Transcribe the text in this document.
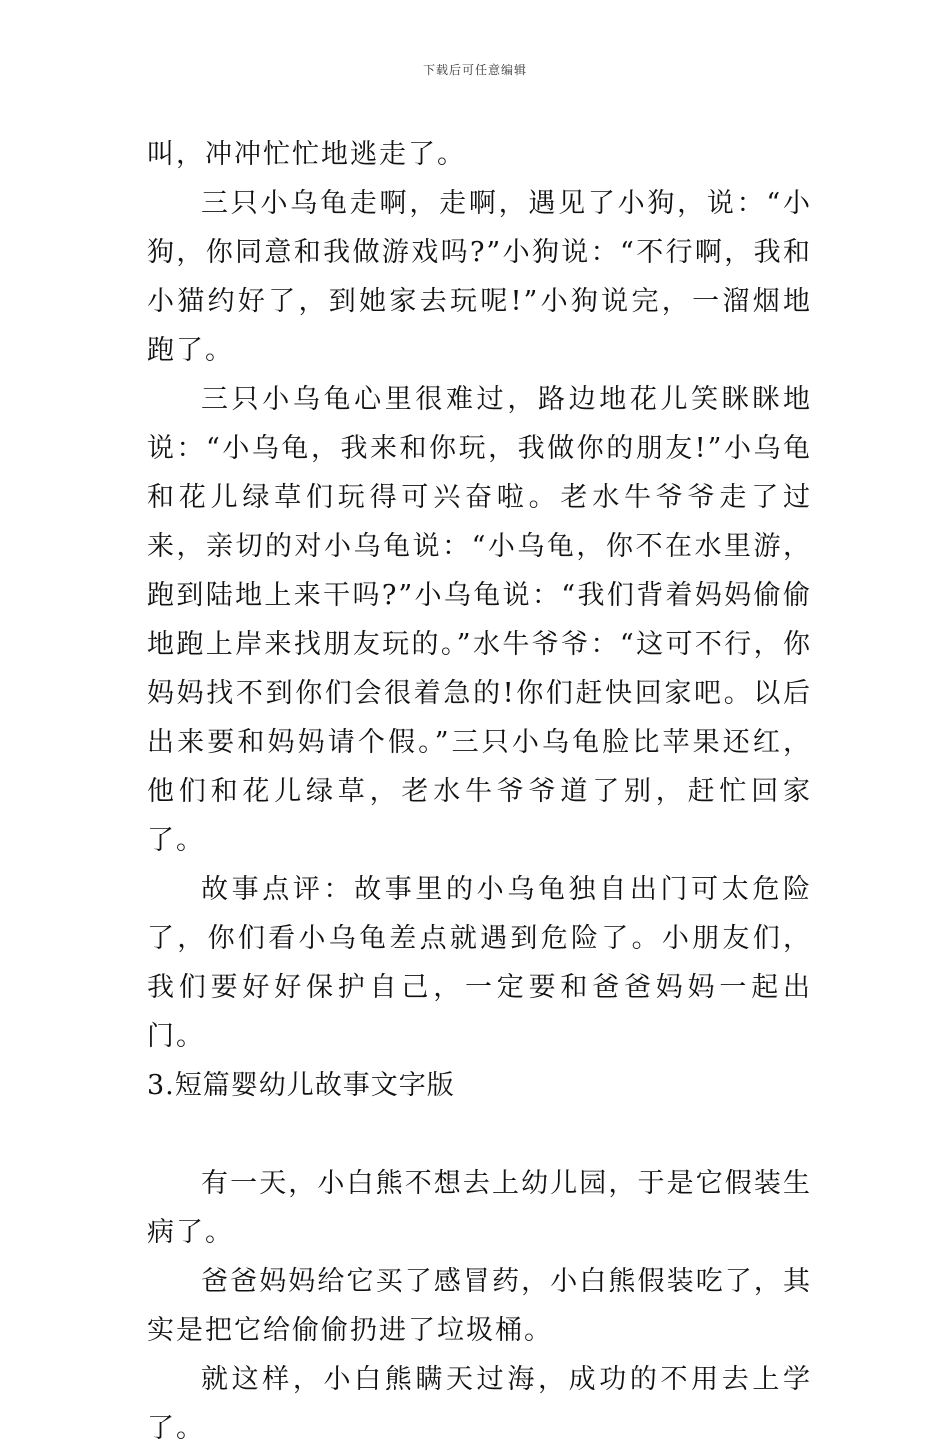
下载后可任意编辑

叫，冲冲忙忙地逃走了。

三只小乌龟走啊，走啊，遇见了小狗，说：“小狗，你同意和我做游戏吗?”小狗说：“不行啊，我和小猫约好了，到她家去玩呢!”小狗说完，一溜烟地跑了。

三只小乌龟心里很难过，路边地花儿笑眯眯地说：“小乌龟，我来和你玩，我做你的朋友!”小乌龟和花儿绿草们玩得可兴奋啦。老水牛爷爷走了过来，亲切的对小乌龟说：“小乌龟，你不在水里游，跑到陆地上来干吗?”小乌龟说：“我们背着妈妈偷偷地跑上岸来找朋友玩的。”水牛爷爷：“这可不行，你 妈妈找不到你们会很着急的!你们赶快回家吧。以后出来要和妈妈请个假。”三只小乌龟脸比苹果还红，他们和花儿绿草，老水牛爷爷道了别，赶忙回家了。

故事点评：故事里的小乌龟独自出门可太危险了，你们看小乌龟差点就遇到危险了。小朋友们，我们要好好保护自己，一定要和爸爸妈妈一起出门。

3.短篇婴幼儿故事文字版

有一天，小白熊不想去上幼儿园，于是它假装生病了。

爸爸妈妈给它买了感冒药，小白熊假装吃了，其实是把它给偷偷扔进了垃圾桶。

就这样，小白熊瞒天过海，成功的不用去上学了。
